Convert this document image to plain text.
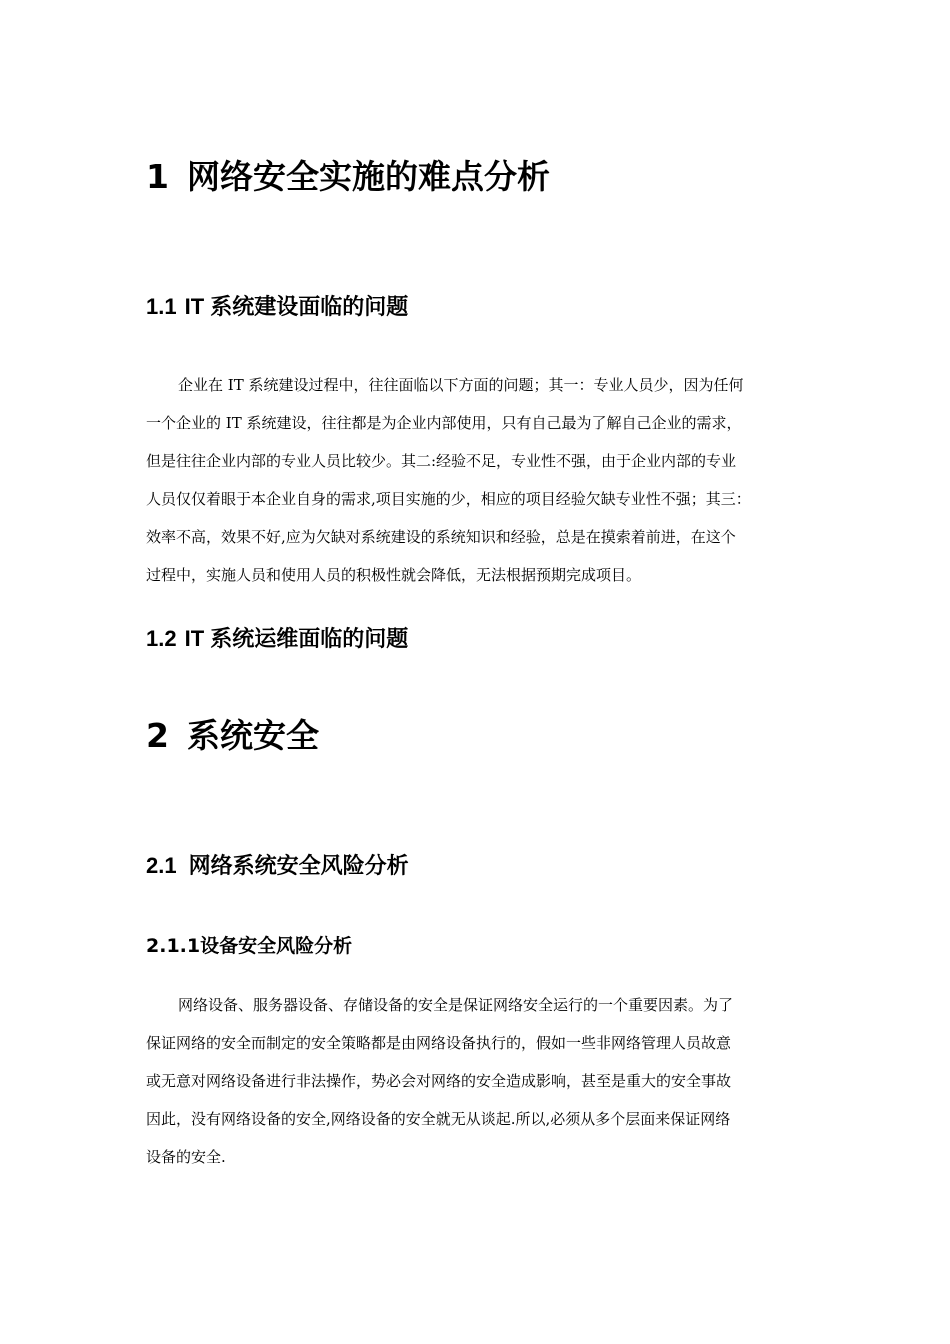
1 网络安全实施的难点分析
1.1 IT 系统建设面临的问题
企业在 IT 系统建设过程中，往往面临以下方面的问题；其一：专业人员少，因为任何
一个企业的 IT 系统建设，往往都是为企业内部使用，只有自己最为了解自己企业的需求，
但是往往企业内部的专业人员比较少。其二:经验不足，专业性不强，由于企业内部的专业
人员仅仅着眼于本企业自身的需求,项目实施的少，相应的项目经验欠缺专业性不强；其三：
效率不高，效果不好,应为欠缺对系统建设的系统知识和经验，总是在摸索着前进，在这个
过程中，实施人员和使用人员的积极性就会降低，无法根据预期完成项目。
1.2 IT 系统运维面临的问题
2 系统安全
2.1 网络系统安全风险分析
2.1.1设备安全风险分析
网络设备、服务器设备、存储设备的安全是保证网络安全运行的一个重要因素。为了
保证网络的安全而制定的安全策略都是由网络设备执行的，假如一些非网络管理人员故意
或无意对网络设备进行非法操作，势必会对网络的安全造成影响，甚至是重大的安全事故
因此，没有网络设备的安全,网络设备的安全就无从谈起.所以,必须从多个层面来保证网络
设备的安全.
